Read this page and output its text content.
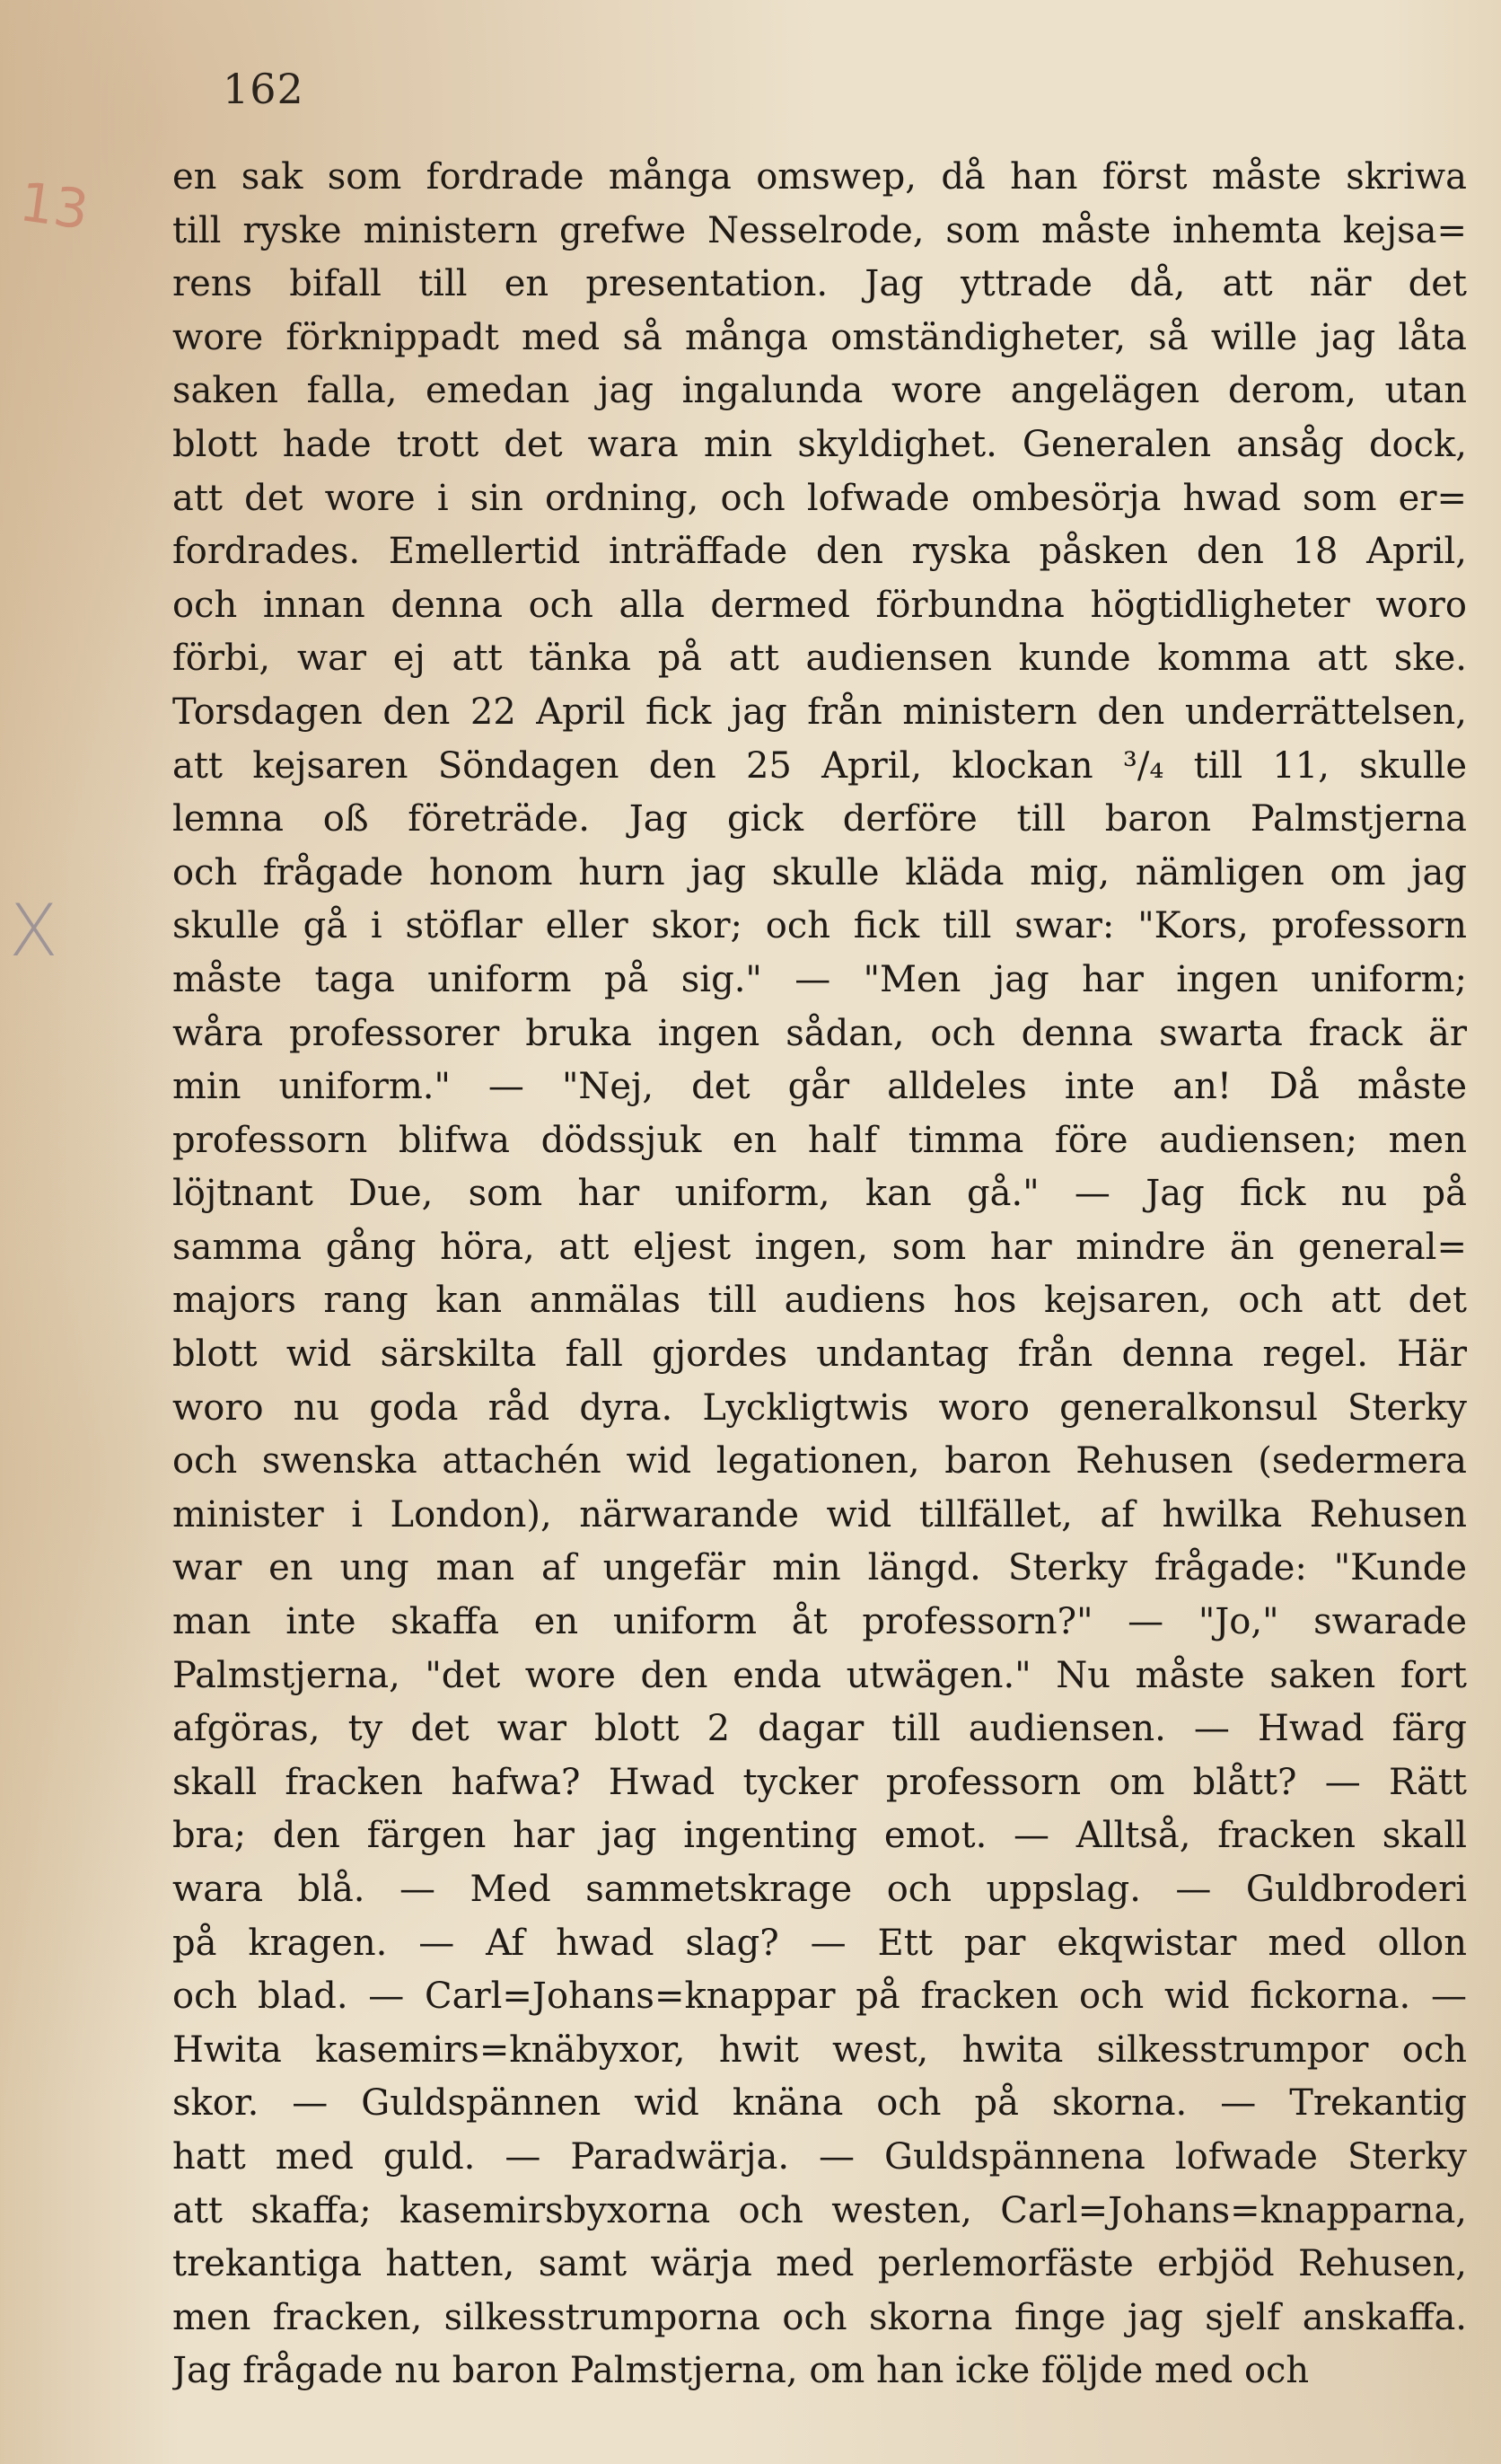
162
13
X
en sak som fordrade många omswep, då han först måste skriwa
till ryske ministern grefwe Nesselrode, som måste inhemta kejsa=
rens bifall till en presentation. Jag yttrade då, att när det
wore förknippadt med så många omständigheter, så wille jag låta
saken falla, emedan jag ingalunda wore angelägen derom, utan
blott hade trott det wara min skyldighet. Generalen ansåg dock,
att det wore i sin ordning, och lofwade ombesörja hwad som er=
fordrades. Emellertid inträffade den ryska påsken den 18 April,
och innan denna och alla dermed förbundna högtidligheter woro
förbi, war ej att tänka på att audiensen kunde komma att ske.
Torsdagen den 22 April fick jag från ministern den underrättelsen,
att kejsaren Söndagen den 25 April, klockan ³/₄ till 11, skulle
lemna oß företräde. Jag gick derföre till baron Palmstjerna
och frågade honom hurn jag skulle kläda mig, nämligen om jag
skulle gå i stöflar eller skor; och fick till swar: "Kors, professorn
måste taga uniform på sig." — "Men jag har ingen uniform;
wåra professorer bruka ingen sådan, och denna swarta frack är
min uniform." — "Nej, det går alldeles inte an! Då måste
professorn blifwa dödssjuk en half timma före audiensen; men
löjtnant Due, som har uniform, kan gå." — Jag fick nu på
samma gång höra, att eljest ingen, som har mindre än general=
majors rang kan anmälas till audiens hos kejsaren, och att det
blott wid särskilta fall gjordes undantag från denna regel. Här
woro nu goda råd dyra. Lyckligtwis woro generalkonsul Sterky
och swenska attachén wid legationen, baron Rehusen (sedermera
minister i London), närwarande wid tillfället, af hwilka Rehusen
war en ung man af ungefär min längd. Sterky frågade: "Kunde
man inte skaffa en uniform åt professorn?" — "Jo," swarade
Palmstjerna, "det wore den enda utwägen." Nu måste saken fort
afgöras, ty det war blott 2 dagar till audiensen. — Hwad färg
skall fracken hafwa? Hwad tycker professorn om blått? — Rätt
bra; den färgen har jag ingenting emot. — Alltså, fracken skall
wara blå. — Med sammetskrage och uppslag. — Guldbroderi
på kragen. — Af hwad slag? — Ett par ekqwistar med ollon
och blad. — Carl=Johans=knappar på fracken och wid fickorna. —
Hwita kasemirs=knäbyxor, hwit west, hwita silkesstrumpor och
skor. — Guldspännen wid knäna och på skorna. — Trekantig
hatt med guld. — Paradwärja. — Guldspännena lofwade Sterky
att skaffa; kasemirsbyxorna och westen, Carl=Johans=knapparna,
trekantiga hatten, samt wärja med perlemorfäste erbjöd Rehusen,
men fracken, silkesstrumporna och skorna finge jag sjelf anskaffa.
Jag frågade nu baron Palmstjerna, om han icke följde med och
